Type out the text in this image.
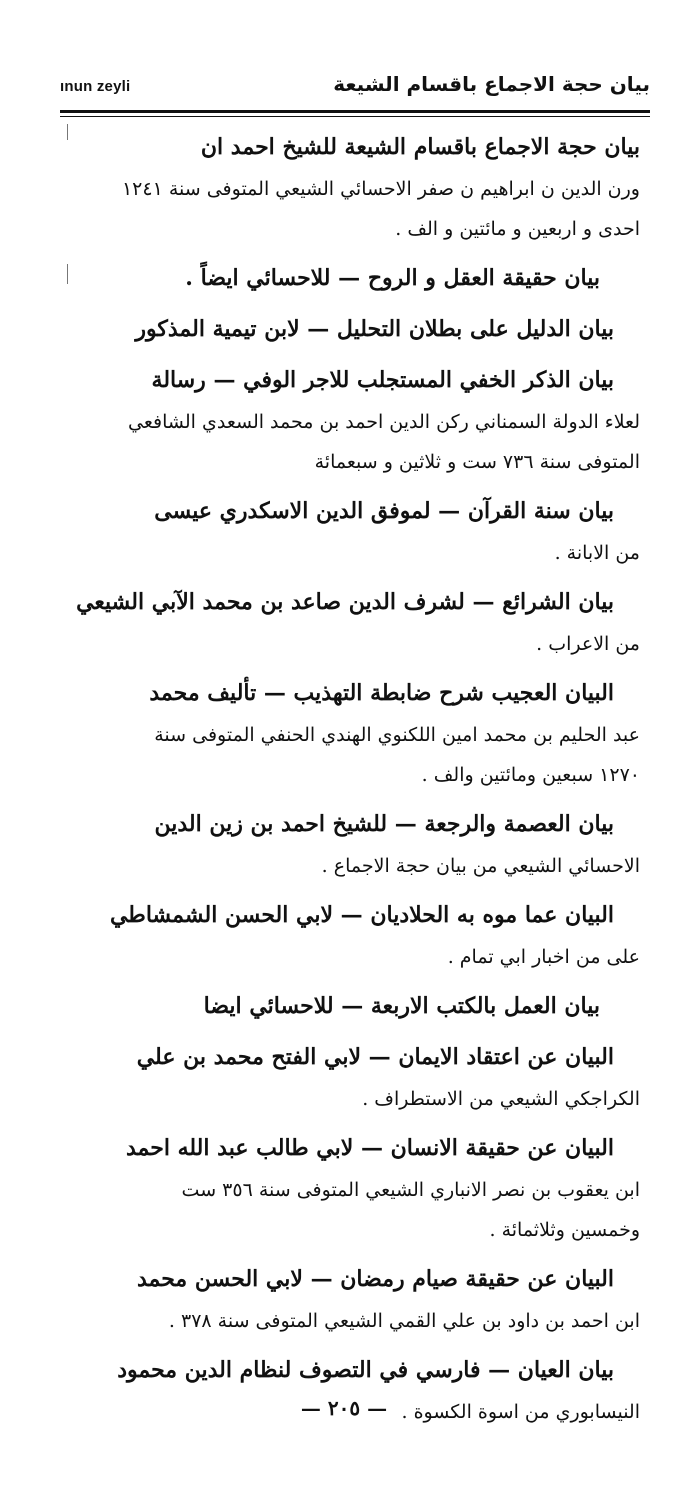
ınun zeyli	بيان حجة الاجماع باقسام الشيعة
بيان حجة الاجماع باقسام الشيعة للشيخ احمد ان
ورن الدين ن ابراهيم ن صفر الاحسائي الشيعي المتوفى سنة ١٢٤١
احدى و اربعين و مائتين و الف .
بيان حقيقة العقل و الروح — للاحسائي ايضاً .
بيان الدليل على بطلان التحليل — لابن تيمية المذكور
بيان الذكر الخفي المستجلب للاجر الوفي — رسالة
لعلاء الدولة السمناني ركن الدين احمد بن محمد السعدي الشافعي
المتوفى سنة ٧٣٦ ست و ثلاثين و سبعمائة
بيان سنة القرآن — لموفق الدين الاسكدري عيسى
من الابانة .
بيان الشرائع — لشرف الدين صاعد بن محمد الآبي الشيعي
من الاعراب .
البيان العجيب شرح ضابطة التهذيب — تأليف محمد
عبد الحليم بن محمد امين اللكنوي الهندي الحنفي المتوفى سنة
١٢٧٠ سبعين ومائتين والف .
بيان العصمة والرجعة — للشيخ احمد بن زين الدين
الاحسائي الشيعي من بيان حجة الاجماع .
البيان عما موه به الحلاديان — لابي الحسن الشمشاطي
على من اخبار ابي تمام .
بيان العمل بالكتب الاربعة — للاحسائي ايضا
البيان عن اعتقاد الايمان — لابي الفتح محمد بن علي
الكراجكي الشيعي من الاستطراف .
البيان عن حقيقة الانسان — لابي طالب عبد الله احمد
ابن يعقوب بن نصر الانباري الشيعي المتوفى سنة ٣٥٦ ست
وخمسين وثلاثمائة .
البيان عن حقيقة صيام رمضان — لابي الحسن محمد
ابن احمد بن داود بن علي القمي الشيعي المتوفى سنة ٣٧٨ .
بيان العيان — فارسي في التصوف لنظام الدين محمود
النيسابوري من اسوة الكسوة .
— ٢٠٥ —
